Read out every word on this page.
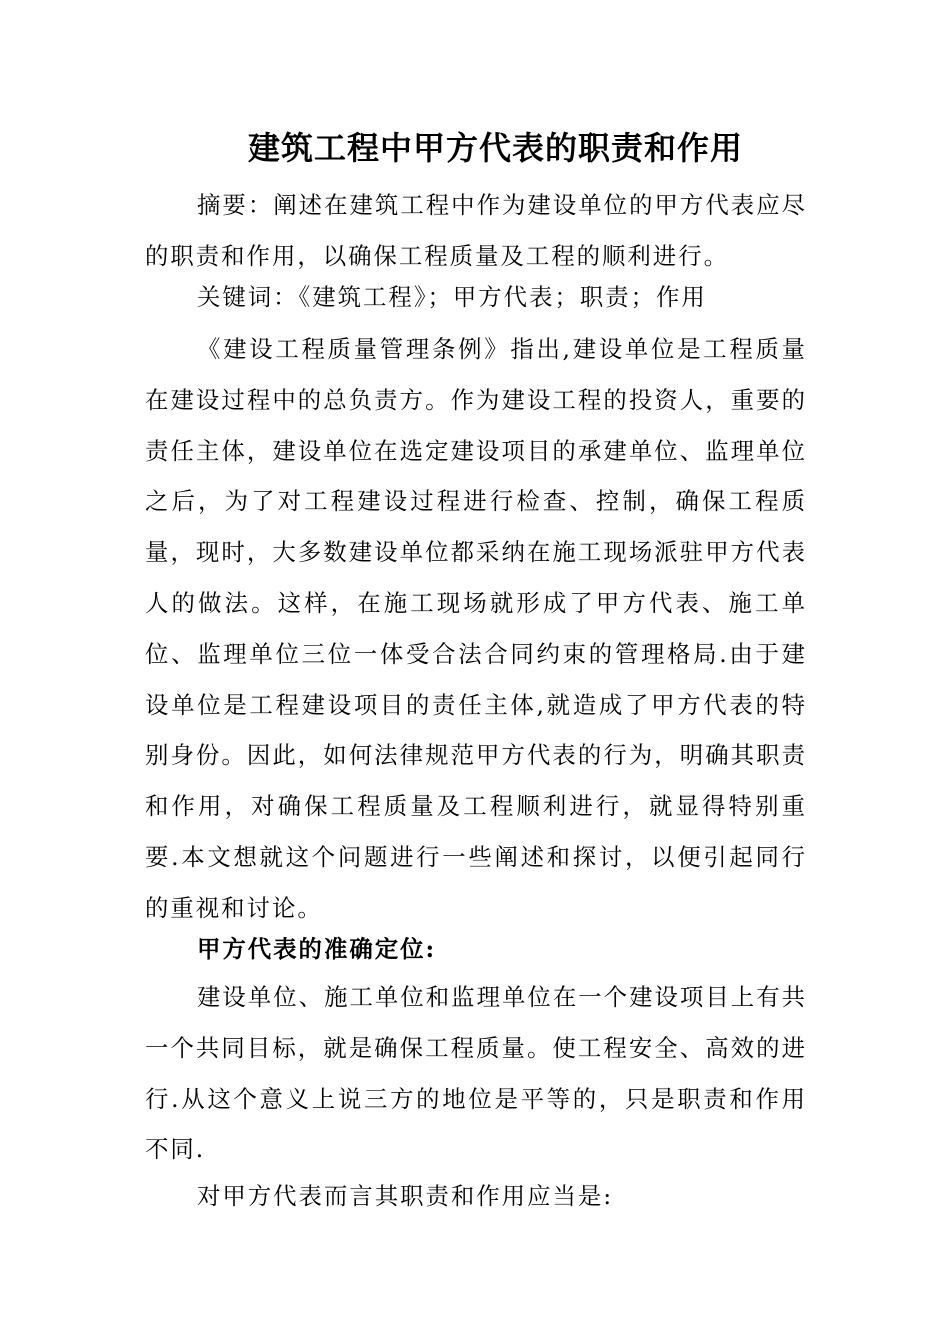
建筑工程中甲方代表的职责和作用
摘要：阐述在建筑工程中作为建设单位的甲方代表应尽的职责和作用，以确保工程质量及工程的顺利进行。
关键词：《建筑工程》；甲方代表；职责；作用
《建设工程质量管理条例》指出,建设单位是工程质量在建设过程中的总负责方。作为建设工程的投资人，重要的责任主体，建设单位在选定建设项目的承建单位、监理单位之后，为了对工程建设过程进行检查、控制，确保工程质量，现时，大多数建设单位都采纳在施工现场派驻甲方代表人的做法。这样，在施工现场就形成了甲方代表、施工单位、监理单位三位一体受合法合同约束的管理格局.由于建设单位是工程建设项目的责任主体,就造成了甲方代表的特别身份。因此，如何法律规范甲方代表的行为，明确其职责和作用，对确保工程质量及工程顺利进行，就显得特别重要.本文想就这个问题进行一些阐述和探讨，以便引起同行的重视和讨论。
甲方代表的准确定位:
建设单位、施工单位和监理单位在一个建设项目上有共一个共同目标，就是确保工程质量。使工程安全、高效的进行.从这个意义上说三方的地位是平等的，只是职责和作用不同.
对甲方代表而言其职责和作用应当是:
